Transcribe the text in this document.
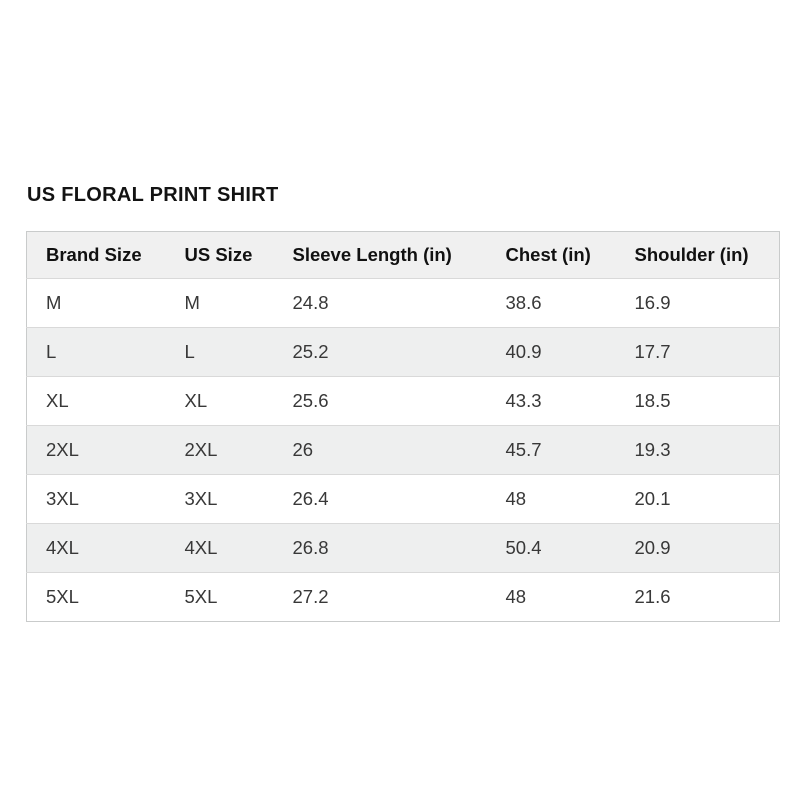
US FLORAL PRINT SHIRT
Brand Size	US Size	Sleeve Length (in)	Chest (in)	Shoulder (in)
M	M	24.8	38.6	16.9
L	L	25.2	40.9	17.7
XL	XL	25.6	43.3	18.5
2XL	2XL	26	45.7	19.3
3XL	3XL	26.4	48	20.1
4XL	4XL	26.8	50.4	20.9
5XL	5XL	27.2	48	21.6
